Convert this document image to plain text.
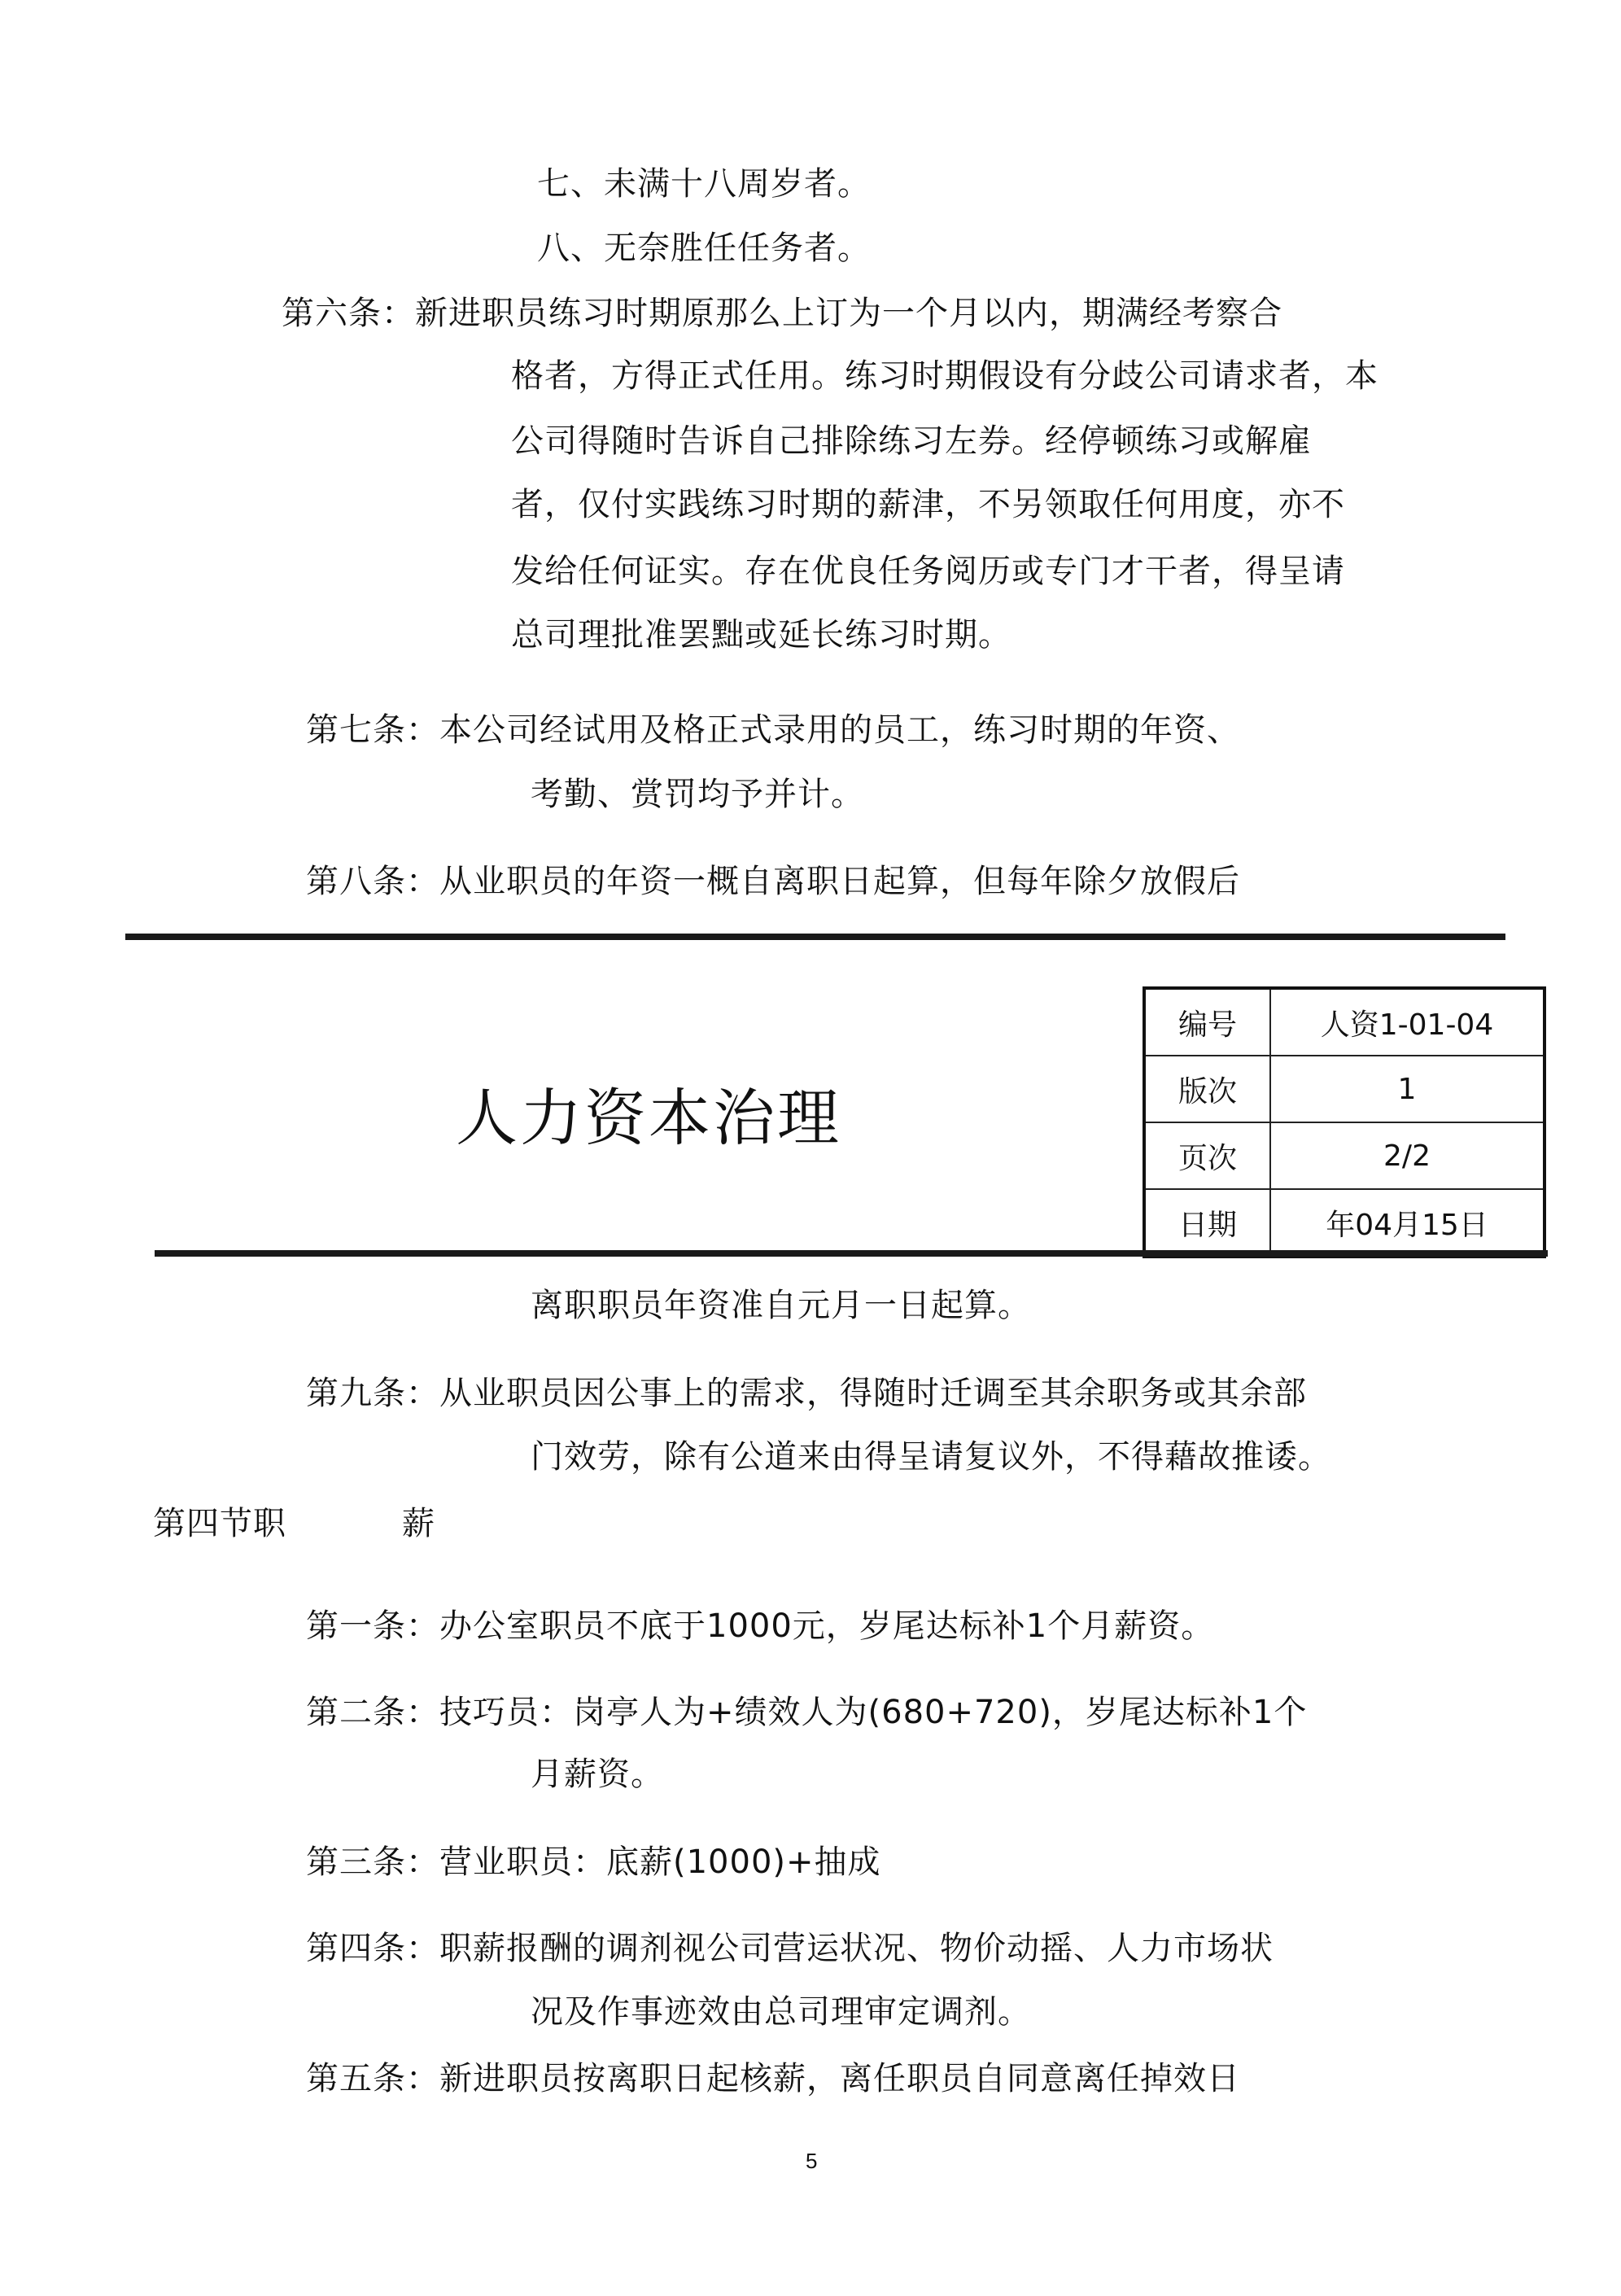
七、未满十八周岁者。
八、无奈胜任任务者。
第六条：新进职员练习时期原那么上订为一个月以内，期满经考察合
格者，方得正式任用。练习时期假设有分歧公司请求者，本
公司得随时告诉自己排除练习左券。经停顿练习或解雇
者，仅付实践练习时期的薪津，不另领取任何用度，亦不
发给任何证实。存在优良任务阅历或专门才干者，得呈请
总司理批准罢黜或延长练习时期。
第七条：本公司经试用及格正式录用的员工，练习时期的年资、
考勤、赏罚均予并计。
第八条：从业职员的年资一概自离职日起算，但每年除夕放假后
人力资本治理
编号	人资1-01-04
版次	1
页次	2/2
日期	年04月15日
离职职员年资准自元月一日起算。
第九条：从业职员因公事上的需求，得随时迁调至其余职务或其余部
门效劳，除有公道来由得呈请复议外，不得藉故推诿。
第四节职	薪
第一条：办公室职员不底于1000元，岁尾达标补1个月薪资。
第二条：技巧员：岗亭人为+绩效人为(680+720)，岁尾达标补1个
月薪资。
第三条：营业职员：底薪(1000)+抽成
第四条：职薪报酬的调剂视公司营运状况、物价动摇、人力市场状
况及作事迹效由总司理审定调剂。
第五条：新进职员按离职日起核薪，离任职员自同意离任掉效日
5
